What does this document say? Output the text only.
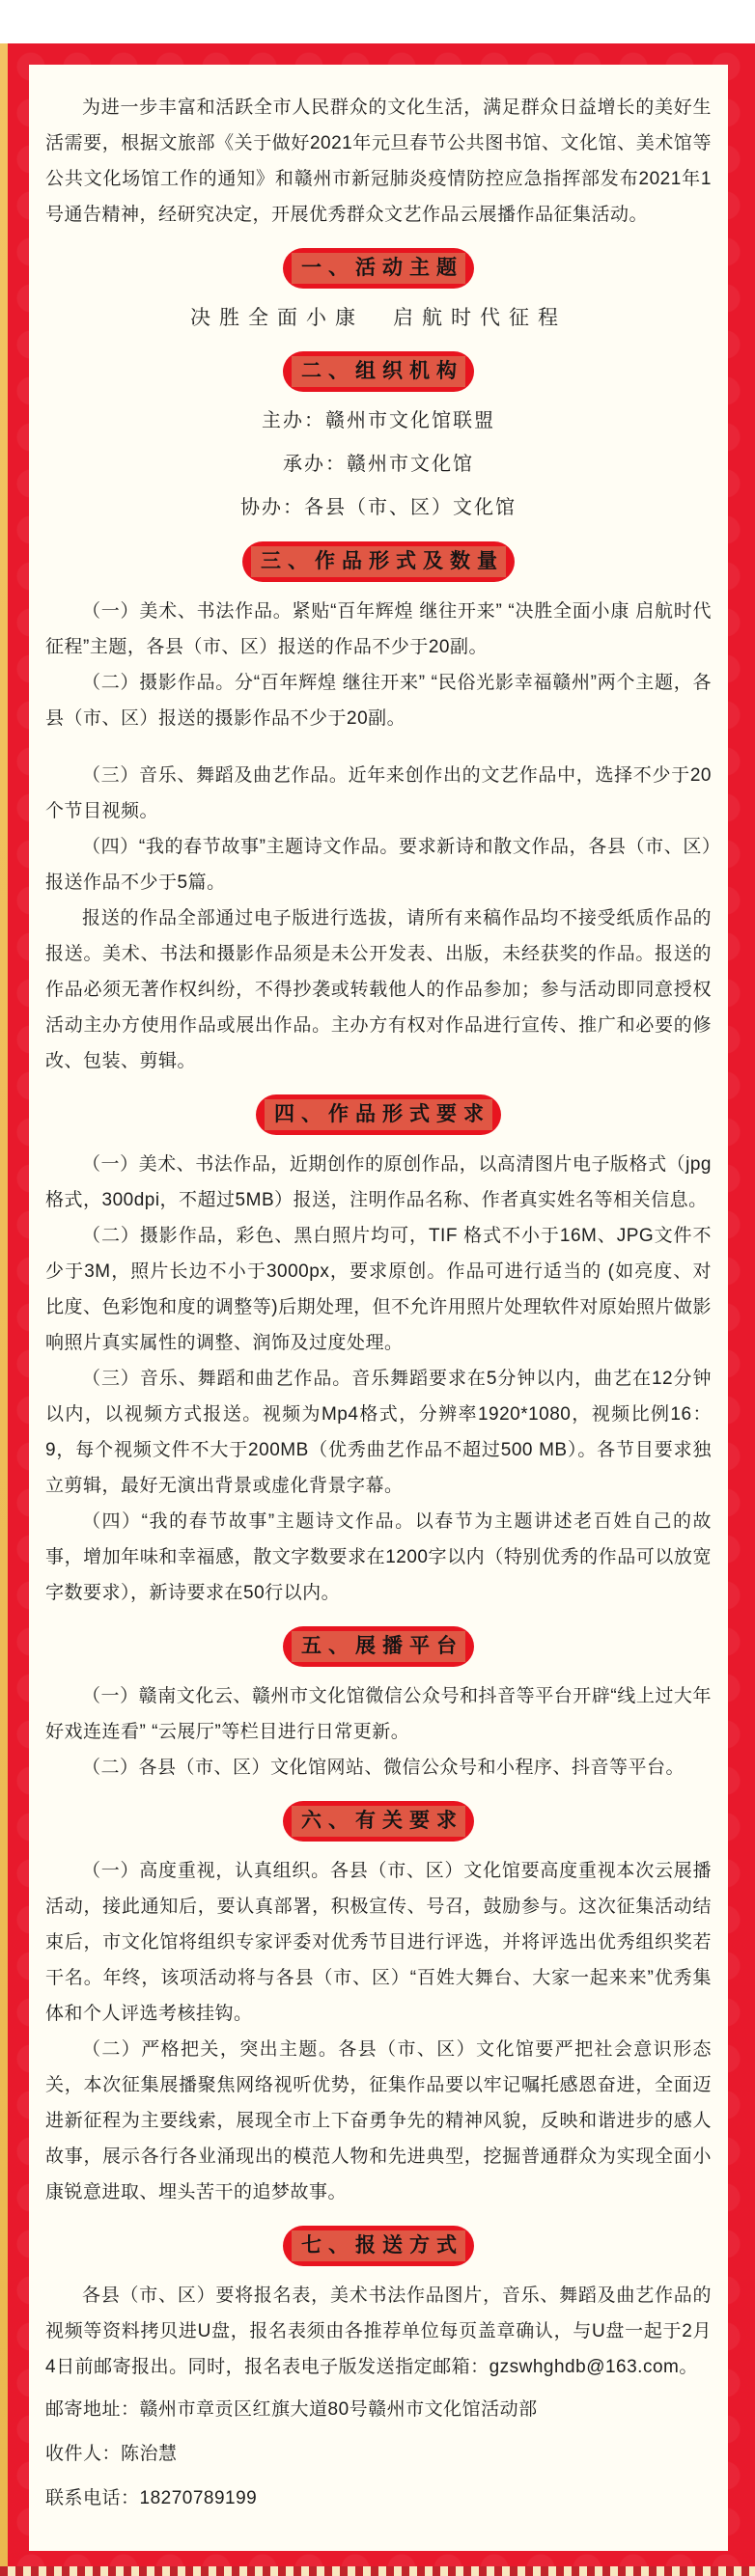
为进一步丰富和活跃全市人民群众的文化生活，满足群众日益增长的美好生活需要，根据文旅部《关于做好2021年元旦春节公共图书馆、文化馆、美术馆等公共文化场馆工作的通知》和赣州市新冠肺炎疫情防控应急指挥部发布2021年1号通告精神，经研究决定，开展优秀群众文艺作品云展播作品征集活动。

一、活动主题

决胜全面小康　启航时代征程

二、组织机构

主办：赣州市文化馆联盟

承办：赣州市文化馆

协办：各县（市、区）文化馆

三、作品形式及数量

（一）美术、书法作品。紧贴“百年辉煌 继往开来” “决胜全面小康 启航时代征程”主题，各县（市、区）报送的作品不少于20副。

（二）摄影作品。分“百年辉煌 继往开来” “民俗光影幸福赣州”两个主题，各县（市、区）报送的摄影作品不少于20副。

（三）音乐、舞蹈及曲艺作品。近年来创作出的文艺作品中，选择不少于20个节目视频。

（四）“我的春节故事”主题诗文作品。要求新诗和散文作品，各县（市、区）报送作品不少于5篇。

报送的作品全部通过电子版进行选拔，请所有来稿作品均不接受纸质作品的报送。美术、书法和摄影作品须是未公开发表、出版，未经获奖的作品。报送的作品必须无著作权纠纷，不得抄袭或转载他人的作品参加；参与活动即同意授权活动主办方使用作品或展出作品。主办方有权对作品进行宣传、推广和必要的修改、包装、剪辑。

四、作品形式要求

（一）美术、书法作品，近期创作的原创作品，以高清图片电子版格式（jpg格式，300dpi，不超过5MB）报送，注明作品名称、作者真实姓名等相关信息。

（二）摄影作品，彩色、黑白照片均可，TIF 格式不小于16M、JPG文件不少于3M，照片长边不小于3000px，要求原创。作品可进行适当的 (如亮度、对比度、色彩饱和度的调整等)后期处理，但不允许用照片处理软件对原始照片做影响照片真实属性的调整、润饰及过度处理。

（三）音乐、舞蹈和曲艺作品。音乐舞蹈要求在5分钟以内，曲艺在12分钟以内，以视频方式报送。视频为Mp4格式，分辨率1920*1080，视频比例16：9，每个视频文件不大于200MB（优秀曲艺作品不超过500 MB）。各节目要求独立剪辑，最好无演出背景或虚化背景字幕。

（四）“我的春节故事”主题诗文作品。以春节为主题讲述老百姓自己的故事，增加年味和幸福感，散文字数要求在1200字以内（特别优秀的作品可以放宽字数要求），新诗要求在50行以内。

五、展播平台

（一）赣南文化云、赣州市文化馆微信公众号和抖音等平台开辟“线上过大年好戏连连看” “云展厅”等栏目进行日常更新。

（二）各县（市、区）文化馆网站、微信公众号和小程序、抖音等平台。

六、有关要求

（一）高度重视，认真组织。各县（市、区）文化馆要高度重视本次云展播活动，接此通知后，要认真部署，积极宣传、号召，鼓励参与。这次征集活动结束后，市文化馆将组织专家评委对优秀节目进行评选，并将评选出优秀组织奖若干名。年终，该项活动将与各县（市、区）“百姓大舞台、大家一起来来”优秀集体和个人评选考核挂钩。

（二）严格把关，突出主题。各县（市、区）文化馆要严把社会意识形态关，本次征集展播聚焦网络视听优势，征集作品要以牢记嘱托感恩奋进，全面迈进新征程为主要线索，展现全市上下奋勇争先的精神风貌，反映和谐进步的感人故事，展示各行各业涌现出的模范人物和先进典型，挖掘普通群众为实现全面小康锐意进取、埋头苦干的追梦故事。

七、报送方式

各县（市、区）要将报名表，美术书法作品图片，音乐、舞蹈及曲艺作品的视频等资料拷贝进U盘，报名表须由各推荐单位每页盖章确认，与U盘一起于2月4日前邮寄报出。同时，报名表电子版发送指定邮箱：gzswhghdb@163.com。

邮寄地址：赣州市章贡区红旗大道80号赣州市文化馆活动部

收件人：陈治慧

联系电话：18270789199
